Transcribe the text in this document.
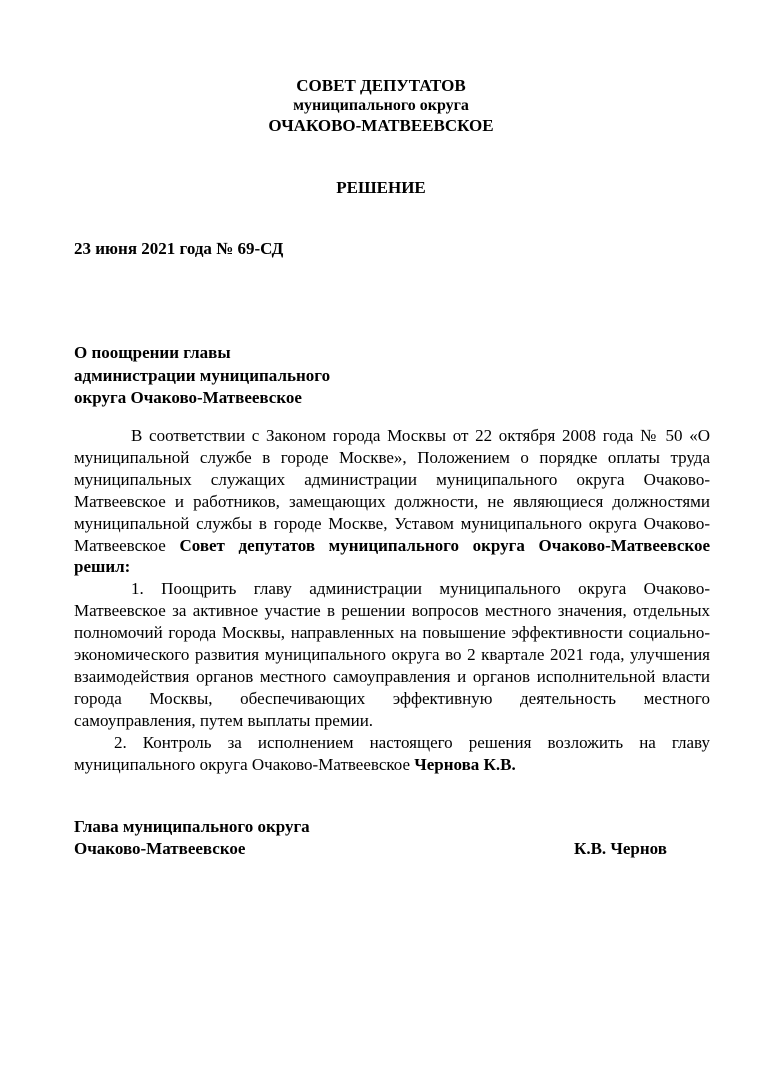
СОВЕТ ДЕПУТАТОВ
муниципального округа
ОЧАКОВО-МАТВЕЕВСКОЕ
РЕШЕНИЕ
23 июня 2021 года № 69-СД
О поощрении главы
администрации муниципального
округа Очаково-Матвеевское

В соответствии с Законом города Москвы от 22 октября 2008 года № 50 «О муниципальной службе в городе Москве», Положением о порядке оплаты труда муниципальных служащих администрации муниципального округа Очаково-Матвеевское и работников, замещающих должности, не являющиеся должностями муниципальной службы в городе Москве, Уставом муниципального округа Очаково-Матвеевское Совет депутатов муниципального округа Очаково-Матвеевское решил:

1. Поощрить главу администрации муниципального округа Очаково-Матвеевское за активное участие в решении вопросов местного значения, отдельных полномочий города Москвы, направленных на повышение эффективности социально-экономического развития муниципального округа во 2 квартале 2021 года, улучшения взаимодействия органов местного самоуправления и органов исполнительной власти города Москвы, обеспечивающих эффективную деятельность местного самоуправления, путем выплаты премии.

2. Контроль за исполнением настоящего решения возложить на главу муниципального округа Очаково-Матвеевское Чернова К.В.

Глава муниципального округа
Очаково-Матвеевское	К.В. Чернов
